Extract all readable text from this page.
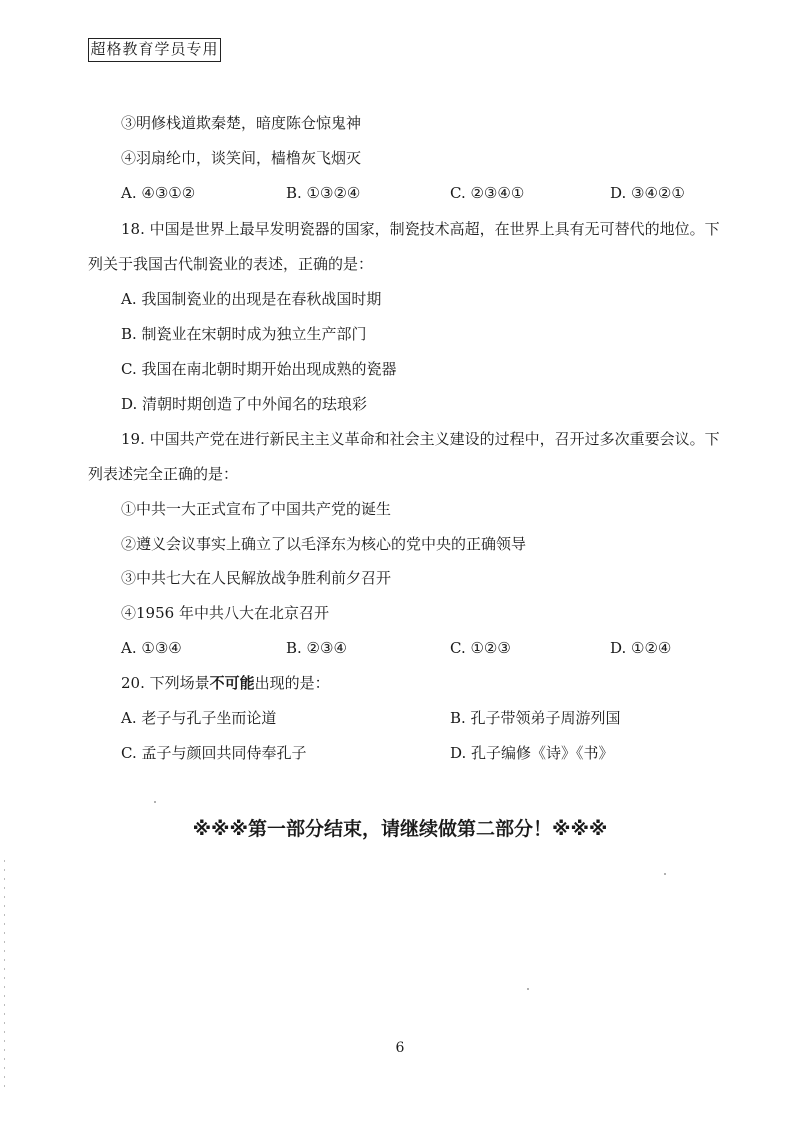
超格教育学员专用
③明修栈道欺秦楚，暗度陈仓惊鬼神
④羽扇纶巾，谈笑间，樯橹灰飞烟灭
A. ④③①②	B. ①③②④	C. ②③④①	D. ③④②①
18. 中国是世界上最早发明瓷器的国家，制瓷技术高超，在世界上具有无可替代的地位。下
列关于我国古代制瓷业的表述，正确的是：
A. 我国制瓷业的出现是在春秋战国时期
B. 制瓷业在宋朝时成为独立生产部门
C. 我国在南北朝时期开始出现成熟的瓷器
D. 清朝时期创造了中外闻名的珐琅彩
19. 中国共产党在进行新民主主义革命和社会主义建设的过程中，召开过多次重要会议。下
列表述完全正确的是：
①中共一大正式宣布了中国共产党的诞生
②遵义会议事实上确立了以毛泽东为核心的党中央的正确领导
③中共七大在人民解放战争胜利前夕召开
④1956 年中共八大在北京召开
A. ①③④	B. ②③④	C. ①②③	D. ①②④
20. 下列场景不可能出现的是：
A. 老子与孔子坐而论道	B. 孔子带领弟子周游列国
C. 孟子与颜回共同侍奉孔子	D. 孔子编修《诗》《书》
※※※第一部分结束，请继续做第二部分！※※※
6
